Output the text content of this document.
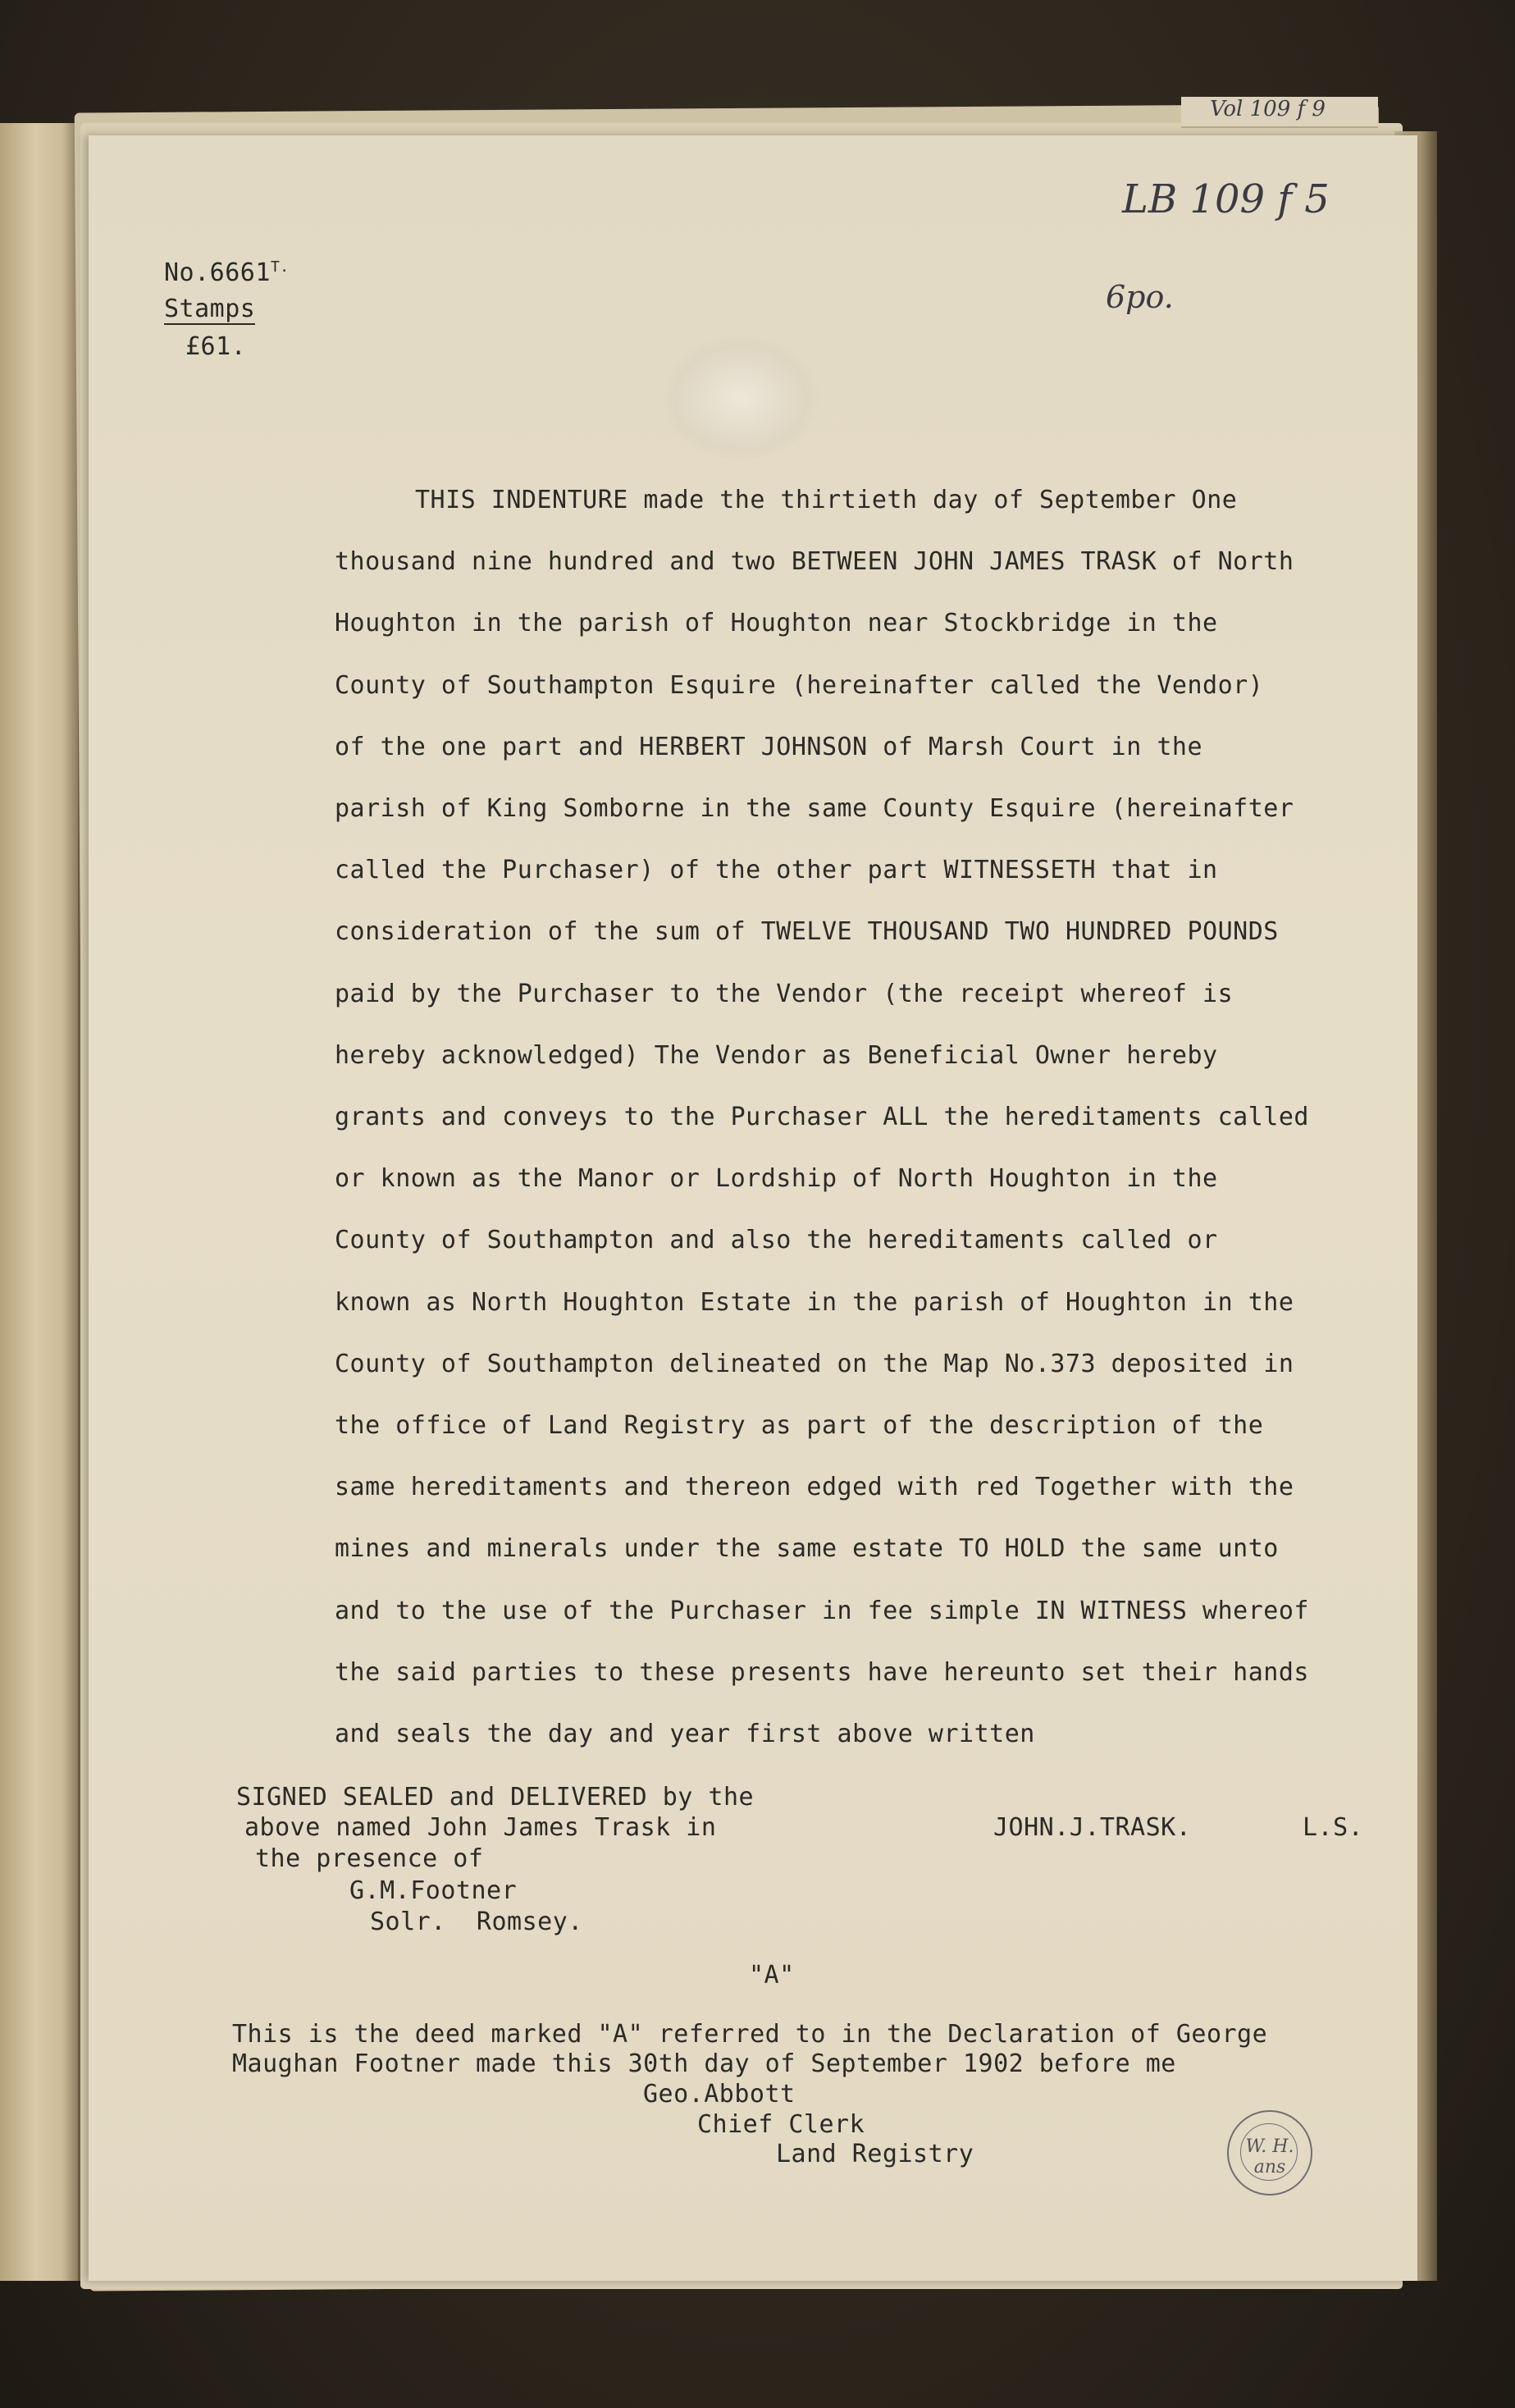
Vol 109 f 9
$No.6661^{T.}$
Stamps
£61.
LB 109 f 5
6po.
THIS INDENTURE made the thirtieth day of September One
thousand nine hundred and two BETWEEN JOHN JAMES TRASK of North
Houghton in the parish of Houghton near Stockbridge in the
County of Southampton Esquire (hereinafter called the Vendor)
of the one part and HERBERT JOHNSON of Marsh Court in the
parish of King Somborne in the same County Esquire (hereinafter
called the Purchaser) of the other part WITNESSETH that in
consideration of the sum of TWELVE THOUSAND TWO HUNDRED POUNDS
paid by the Purchaser to the Vendor (the receipt whereof is
hereby acknowledged) The Vendor as Beneficial Owner hereby
grants and conveys to the Purchaser ALL the hereditaments called
or known as the Manor or Lordship of North Houghton in the
County of Southampton and also the hereditaments called or
known as North Houghton Estate in the parish of Houghton in the
County of Southampton delineated on the Map No.373 deposited in
the office of Land Registry as part of the description of the
same hereditaments and thereon edged with red Together with the
mines and minerals under the same estate TO HOLD the same unto
and to the use of the Purchaser in fee simple IN WITNESS whereof
the said parties to these presents have hereunto set their hands
and seals the day and year first above written
SIGNED SEALED and DELIVERED by the
above named John James Trask in
the presence of
G.M.Footner
Solr.  Romsey.
JOHN.J.TRASK.	L.S.
"A"
This is the deed marked "A" referred to in the Declaration of George
Maughan Footner made this 30th day of September 1902 before me
Geo.Abbott
Chief Clerk
Land Registry	W. H. ans
